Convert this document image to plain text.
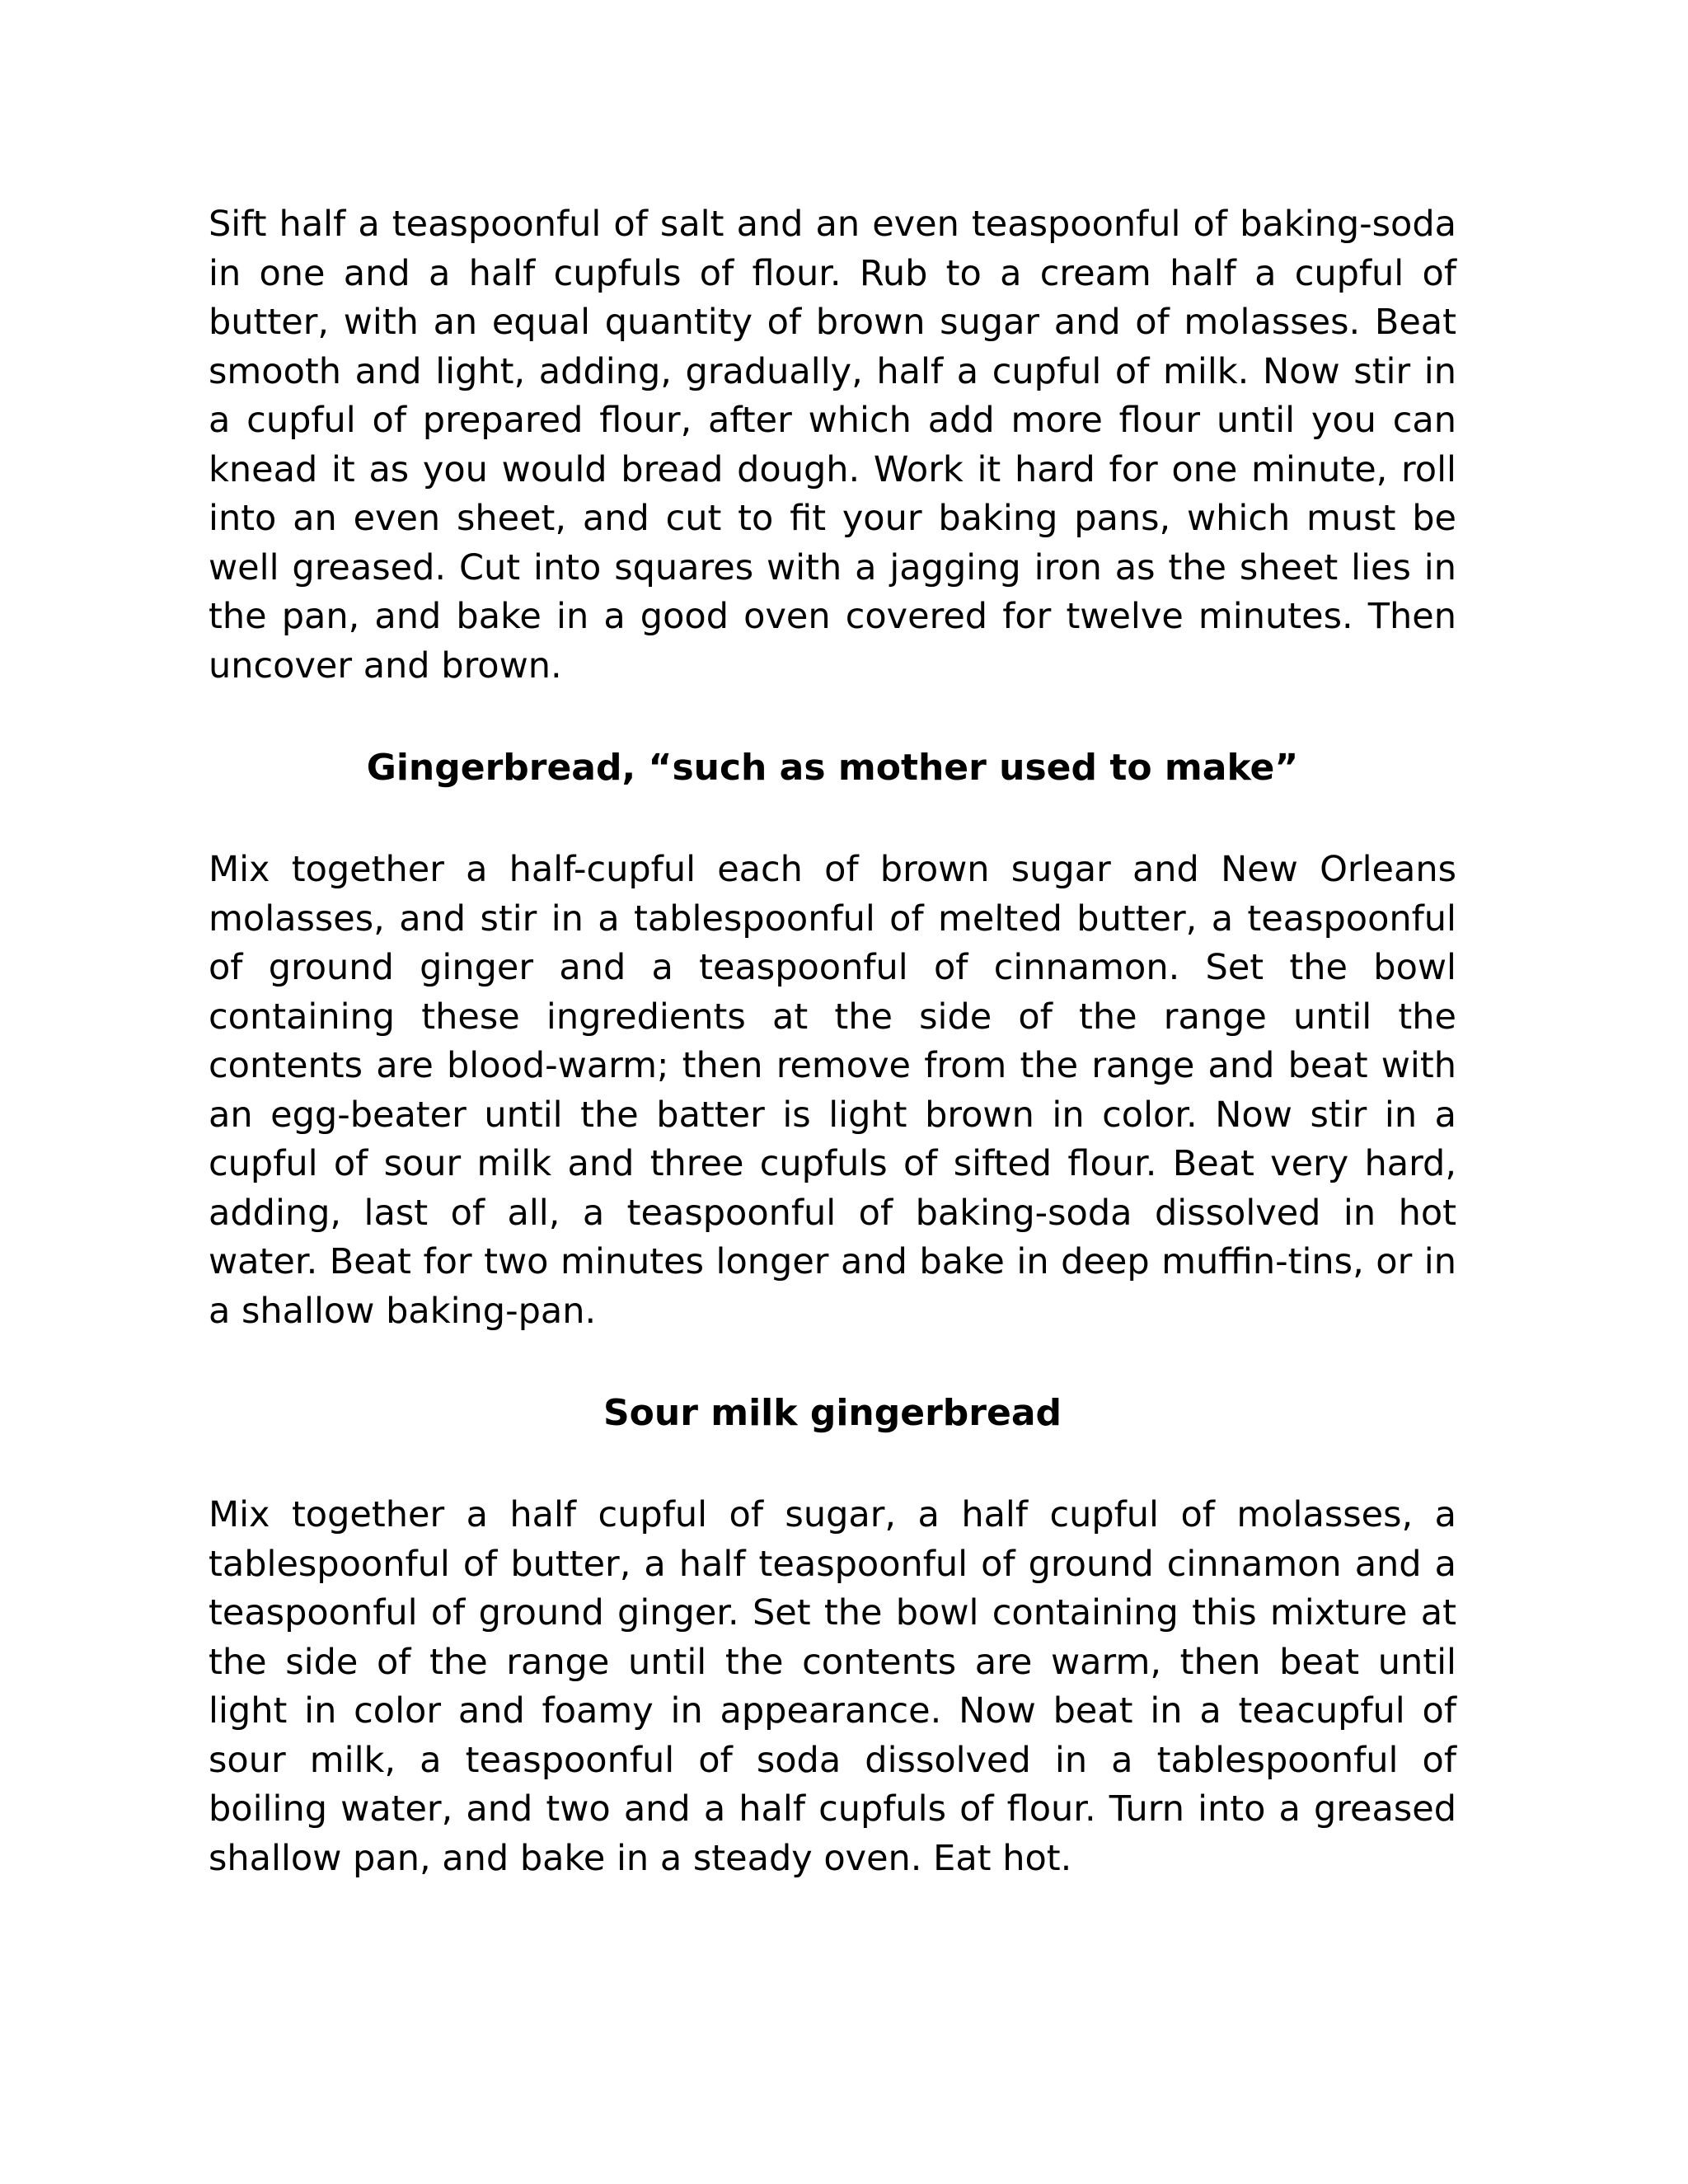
Sift half a teaspoonful of salt and an even teaspoonful of baking-soda in one and a half cupfuls of flour. Rub to a cream half a cupful of butter, with an equal quantity of brown sugar and of molasses. Beat smooth and light, adding, gradually, half a cupful of milk. Now stir in a cupful of prepared flour, after which add more flour until you can knead it as you would bread dough. Work it hard for one minute, roll into an even sheet, and cut to fit your baking pans, which must be well greased. Cut into squares with a jagging iron as the sheet lies in the pan, and bake in a good oven covered for twelve minutes. Then uncover and brown.

Gingerbread, “such as mother used to make”

Mix together a half-cupful each of brown sugar and New Orleans molasses, and stir in a tablespoonful of melted butter, a teaspoonful of ground ginger and a teaspoonful of cinnamon. Set the bowl containing these ingredients at the side of the range until the contents are blood-warm; then remove from the range and beat with an egg-beater until the batter is light brown in color. Now stir in a cupful of sour milk and three cupfuls of sifted flour. Beat very hard, adding, last of all, a teaspoonful of baking-soda dissolved in hot water. Beat for two minutes longer and bake in deep muffin-tins, or in a shallow baking-pan.

Sour milk gingerbread

Mix together a half cupful of sugar, a half cupful of molasses, a tablespoonful of butter, a half teaspoonful of ground cinnamon and a teaspoonful of ground ginger. Set the bowl containing this mixture at the side of the range until the contents are warm, then beat until light in color and foamy in appearance. Now beat in a teacupful of sour milk, a teaspoonful of soda dissolved in a tablespoonful of boiling water, and two and a half cupfuls of flour. Turn into a greased shallow pan, and bake in a steady oven. Eat hot.
